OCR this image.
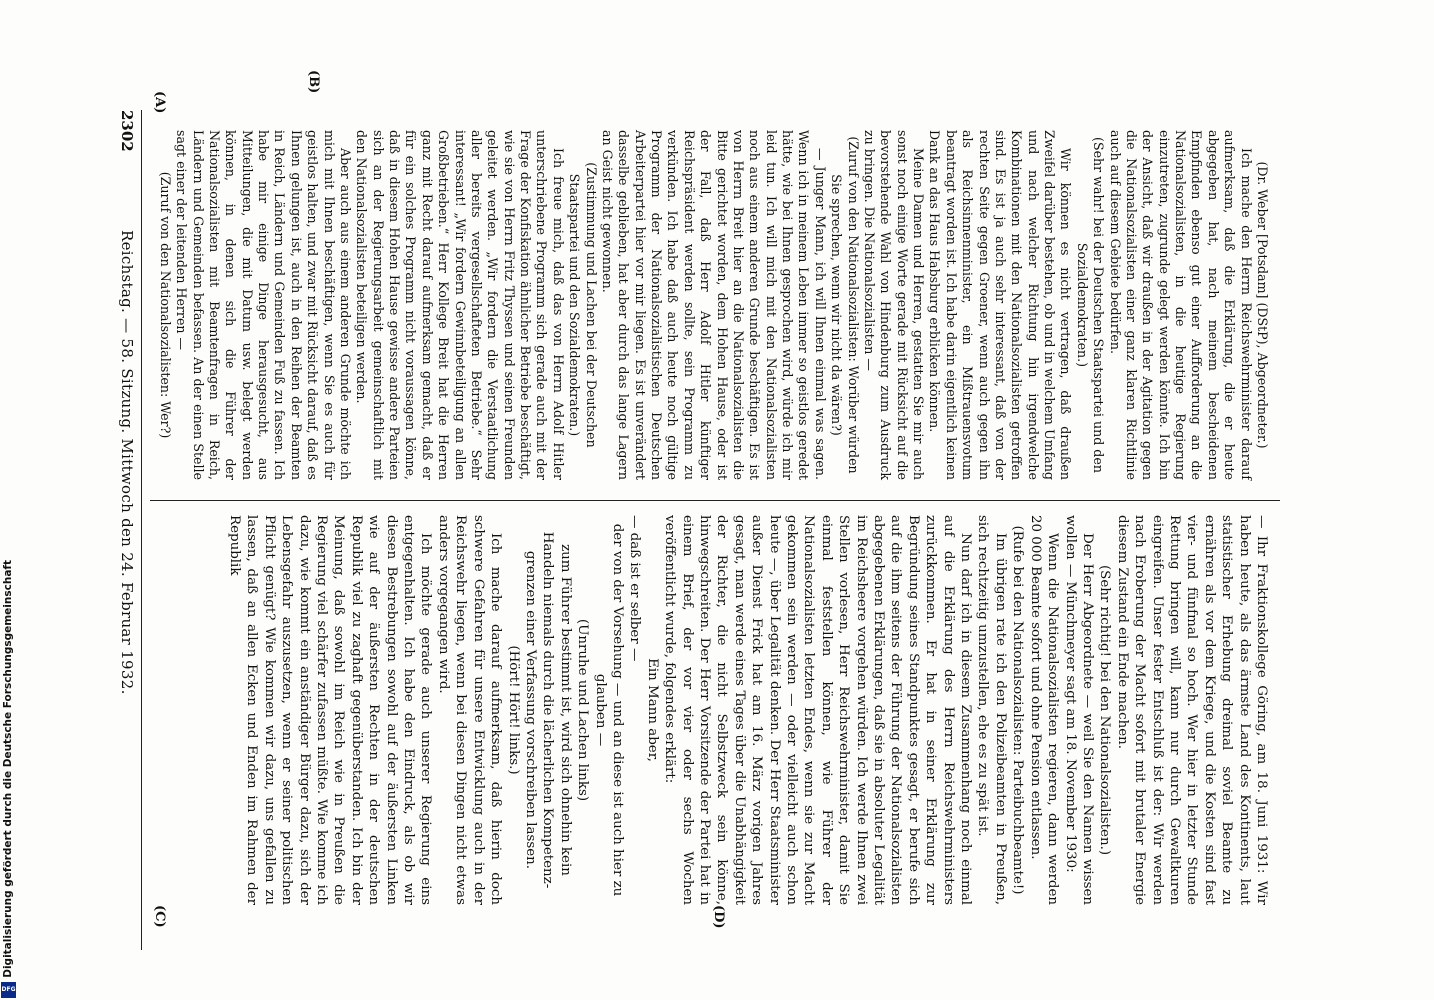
2302
Reichstag. — 58. Sitzung. Mittwoch den 24. Februar 1932.
(A)
(B)
(C)	(D)

(Dr. Weber [Potsdam] (DStP), Abgeordneter.)

Ich mache den Herrn Reichswehrminister darauf aufmerksam, daß die Erklärung, die er heute abgegeben hat, nach meinem bescheidenen Empfinden ebenso gut einer Aufforderung an die Nationalsozialisten, in die heutige Regierung einzutreten, zugrunde gelegt werden könnte. Ich bin der Ansicht, daß wir draußen in der Agitation gegen die Nationalsozialisten einer ganz klaren Richtlinie auch auf diesem Gebiete bedürfen.

(Sehr wahr! bei der Deutschen Staatspartei und den Sozialdemokraten.)

Wir können es nicht vertragen, daß draußen Zweifel darüber bestehen, ob und in welchem Umfang und nach welcher Richtung hin irgendwelche Kombinationen mit den Nationalsozialisten getroffen sind. Es ist ja auch sehr interessant, daß von der rechten Seite gegen Groener, wenn auch gegen ihn als Reichsinnenminister, ein Mißtrauensvotum beantragt worden ist. Ich habe darin eigentlich keinen Dank an das Haus Habsburg erblicken können.

Meine Damen und Herren, gestatten Sie mir auch sonst noch einige Worte gerade mit Rücksicht auf die bevorstehende Wahl von Hindenburg zum Ausdruck zu bringen. Die Nationalsozialisten —

(Zuruf von den Nationalsozialisten: Worüber würden Sie sprechen, wenn wir nicht da wären?)

— Junger Mann, ich will Ihnen einmal was sagen. Wenn ich in meinem Leben immer so geistlos geredet hätte, wie bei Ihnen gesprochen wird, würde ich mir leid tun. Ich will mich mit den Nationalsozialisten noch aus einem anderen Grunde beschäftigen. Es ist von Herrn Breit hier an die Nationalsozialisten die Bitte gerichtet worden, dem Hohen Hause, oder ist der Fall, daß Herr Adolf Hitler künftiger Reichspräsident werden sollte, sein Programm zu verkünden. Ich habe daß auch heute noch gültige Programm der Nationalsozialistischen Deutschen Arbeiterpartei hier vor mir liegen. Es ist unverändert dasselbe geblieben, hat aber durch das lange Lagern an Geist nicht gewonnen.

(Zustimmung und Lachen bei der Deutschen Staatspartei und den Sozialdemokraten.)

Ich freue mich, daß das von Herrn Adolf Hitler unterschriebene Programm sich gerade auch mit der Frage der Konfiskation ähnlicher Betriebe beschäftigt, wie sie von Herrn Fritz Thyssen und seinen Freunden geleitet werden. „Wir fordern die Verstaatlichung aller bereits vergesellschafteten Betriebe.“ Sehr interessant! „Wir fordern Gewinnbeteiligung an allen Großbetrieben.“ Herr Kollege Breit hat die Herren ganz mit Recht darauf aufmerksam gemacht, daß er für ein solches Programm nicht voraussagen könne, daß in diesem Hohen Hause gewisse andere Parteien sich an der Regierungsarbeit gemeinschaftlich mit den Nationalsozialisten beteiligen werden.

Aber auch aus einem anderen Grunde möchte ich mich mit Ihnen beschäftigen, wenn Sie es auch für geistlos halten, und zwar mit Rücksicht darauf, daß es Ihnen gelungen ist, auch in den Reihen der Beamten in Reich, Ländern und Gemeinden Fuß zu fassen. Ich habe mir einige Dinge herausgesucht, aus Mitteilungen, die mit Datum usw. belegt werden können, in denen sich die Führer der Nationalsozialisten mit Beamtenfragen in Reich, Ländern und Gemeinden befassen. An der einen Stelle sagt einer der leitenden Herren —

(Zuruf von den Nationalsozialisten: Wer?)

— Ihr Fraktionskollege Göring, am 18. Juni 1931: Wir haben heute, als das ärmste Land des Kontinents, laut statistischer Erhebung dreimal soviel Beamte zu ernähren als vor dem Kriege, und die Kosten sind fast vier- und fünfmal so hoch. Wer hier in letzter Stunde Rettung bringen will, kann nur durch Gewaltkuren eingreifen. Unser fester Entschluß ist der: Wir werden nach Eroberung der Macht sofort mit brutaler Energie diesem Zustand ein Ende machen.

(Sehr richtig! bei den Nationalsozialisten.)

Der Herr Abgeordnete — weil Sie den Namen wissen wollen — Münchmeyer sagt am 18. November 1930:

Wenn die Nationalsozialisten regieren, dann werden 20 000 Beamte sofort und ohne Pension entlassen.

(Rufe bei den Nationalsozialisten: Parteibuchbeamte!)

Im übrigen rate ich den Polizeibeamten in Preußen, sich rechtzeitig umzustellen, ehe es zu spät ist.

Nun darf ich in diesem Zusammenhang noch einmal auf die Erklärung des Herrn Reichswehrministers zurückkommen. Er hat in seiner Erklärung zur Begründung seines Standpunktes gesagt, er berufe sich auf die ihm seitens der Führung der Nationalsozialisten abgegebenen Erklärungen, daß sie in absoluter Legalität im Reichsheere vorgehen würden. Ich werde Ihnen zwei Stellen vorlesen, Herr Reichswehrminister, damit Sie einmal feststellen können, wie Führer der Nationalsozialisten letzten Endes, wenn sie zur Macht gekommen sein werden — oder vielleicht auch schon heute —, über Legalität denken. Der Herr Staatsminister außer Dienst Frick hat am 16. März vorigen Jahres gesagt, man werde eines Tages über die Unabhängigkeit der Richter, die nicht Selbstzweck sein könne, hinwegschreiten. Der Herr Vorsitzende der Partei hat in einem Brief, der vor vier oder sechs Wochen veröffentlicht wurde, folgendes erklärt:

Ein Mann aber,

— daß ist er selber —

der von der Vorsehung — und an diese ist auch hier zu glauben —

(Unruhe und Lachen links)

zum Führer bestimmt ist, wird sich ohnehin kein Handeln niemals durch die lächerlichen Kompetenz- grenzen einer Verfassung vorschreiben lassen.

(Hört! Hört! links.)

Ich mache darauf aufmerksam, daß hierin doch schwere Gefahren für unsere Entwicklung auch in der Reichswehr liegen, wenn bei diesen Dingen nicht etwas anders vorgegangen wird.

Ich möchte gerade auch unserer Regierung eins entgegenhalten. Ich habe den Eindruck, als ob wir diesen Bestrebungen sowohl auf der äußersten Linken wie auf der äußersten Rechten in der deutschen Republik viel zu zaghaft gegenüberstanden. Ich bin der Meinung, daß sowohl im Reich wie in Preußen die Regierung viel schärfer zufassen müßte. Wie komme ich dazu, wie kommt ein anständiger Bürger dazu, sich der Lebensgefahr auszusetzen, wenn er seiner politischen Pflicht genügt? Wie kommen wir dazu, uns gefallen zu lassen, daß an allen Ecken und Enden im Rahmen der Republik

Digitalisierung gefördert durch die Deutsche Forschungsgemeinschaft
DFG
